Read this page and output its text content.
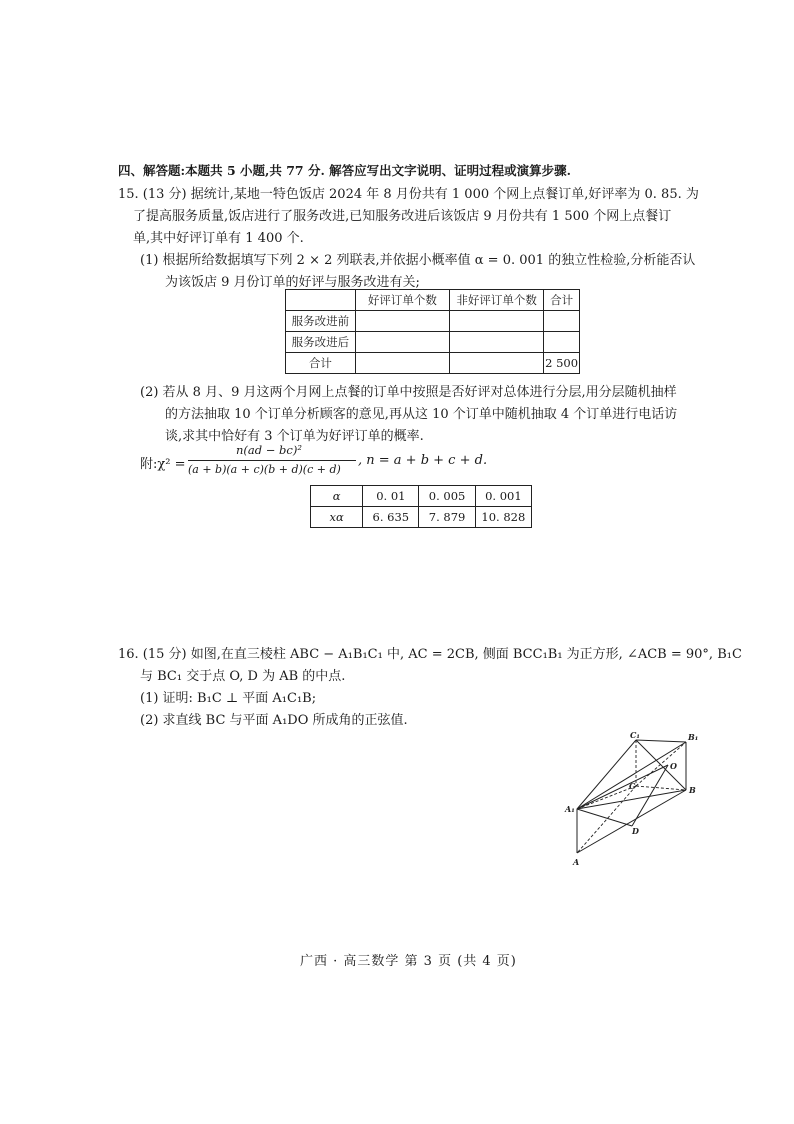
四、解答题:本题共 5 小题,共 77 分. 解答应写出文字说明、证明过程或演算步骤.
15. (13 分) 据统计,某地一特色饭店 2024 年 8 月份共有 1 000 个网上点餐订单,好评率为 0. 85. 为
了提高服务质量,饭店进行了服务改进,已知服务改进后该饭店 9 月份共有 1 500 个网上点餐订
单,其中好评订单有 1 400 个.
(1) 根据所给数据填写下列 2 × 2 列联表,并依据小概率值 α = 0. 001 的独立性检验,分析能否认
为该饭店 9 月份订单的好评与服务改进有关;
	好评订单个数	非好评订单个数	合计
服务改进前			
服务改进后			
合计			2 500
(2) 若从 8 月、9 月这两个月网上点餐的订单中按照是否好评对总体进行分层,用分层随机抽样
的方法抽取 10 个订单分析顾客的意见,再从这 10 个订单中随机抽取 4 个订单进行电话访
谈,求其中恰好有 3 个订单为好评订单的概率.
附:χ² =
n(ad − bc)²
(a + b)(a + c)(b + d)(c + d)
, n = a + b + c + d.
α	0. 01	0. 005	0. 001
xα	6. 635	7. 879	10. 828
16. (15 分) 如图,在直三棱柱 ABC − A₁B₁C₁ 中, AC = 2CB, 侧面 BCC₁B₁ 为正方形, ∠ACB = 90°, B₁C
与 BC₁ 交于点 O, D 为 AB 的中点.
(1) 证明: B₁C ⊥ 平面 A₁C₁B;
(2) 求直线 BC 与平面 A₁DO 所成角的正弦值.
C₁	B₁
O
C	B
A₁
D
A
广西 · 高三数学 第 3 页 (共 4 页)
